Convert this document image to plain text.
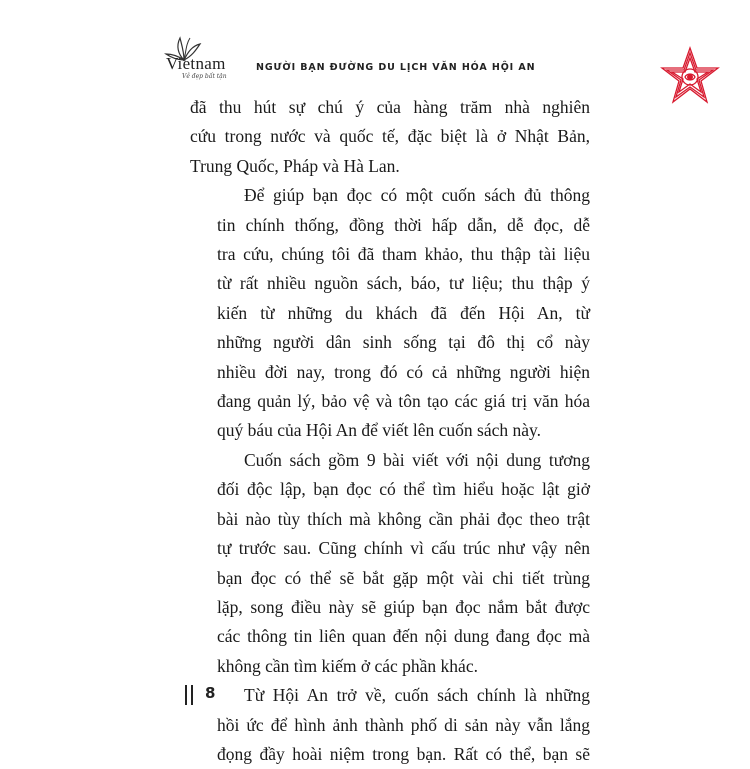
Vietnam
Vẻ đẹp bất tận
NGƯỜI BẠN ĐƯỜNG DU LỊCH VĂN HÓA HỘI AN

đã thu hút sự chú ý của hàng trăm nhà nghiên
cứu trong nước và quốc tế, đặc biệt là ở Nhật Bản,
Trung Quốc, Pháp và Hà Lan.

Để giúp bạn đọc có một cuốn sách đủ thông
tin chính thống, đồng thời hấp dẫn, dễ đọc, dễ
tra cứu, chúng tôi đã tham khảo, thu thập tài liệu
từ rất nhiều nguồn sách, báo, tư liệu; thu thập ý
kiến từ những du khách đã đến Hội An, từ
những người dân sinh sống tại đô thị cổ này
nhiều đời nay, trong đó có cả những người hiện
đang quản lý, bảo vệ và tôn tạo các giá trị văn hóa
quý báu của Hội An để viết lên cuốn sách này.

Cuốn sách gồm 9 bài viết với nội dung tương
đối độc lập, bạn đọc có thể tìm hiểu hoặc lật giở
bài nào tùy thích mà không cần phải đọc theo trật
tự trước sau. Cũng chính vì cấu trúc như vậy nên
bạn đọc có thể sẽ bắt gặp một vài chi tiết trùng
lặp, song điều này sẽ giúp bạn đọc nắm bắt được
các thông tin liên quan đến nội dung đang đọc mà
không cần tìm kiếm ở các phần khác.

Từ Hội An trở về, cuốn sách chính là những
hồi ức để hình ảnh thành phố di sản này vẫn lắng
đọng đầy hoài niệm trong bạn. Rất có thể, bạn sẽ

8
